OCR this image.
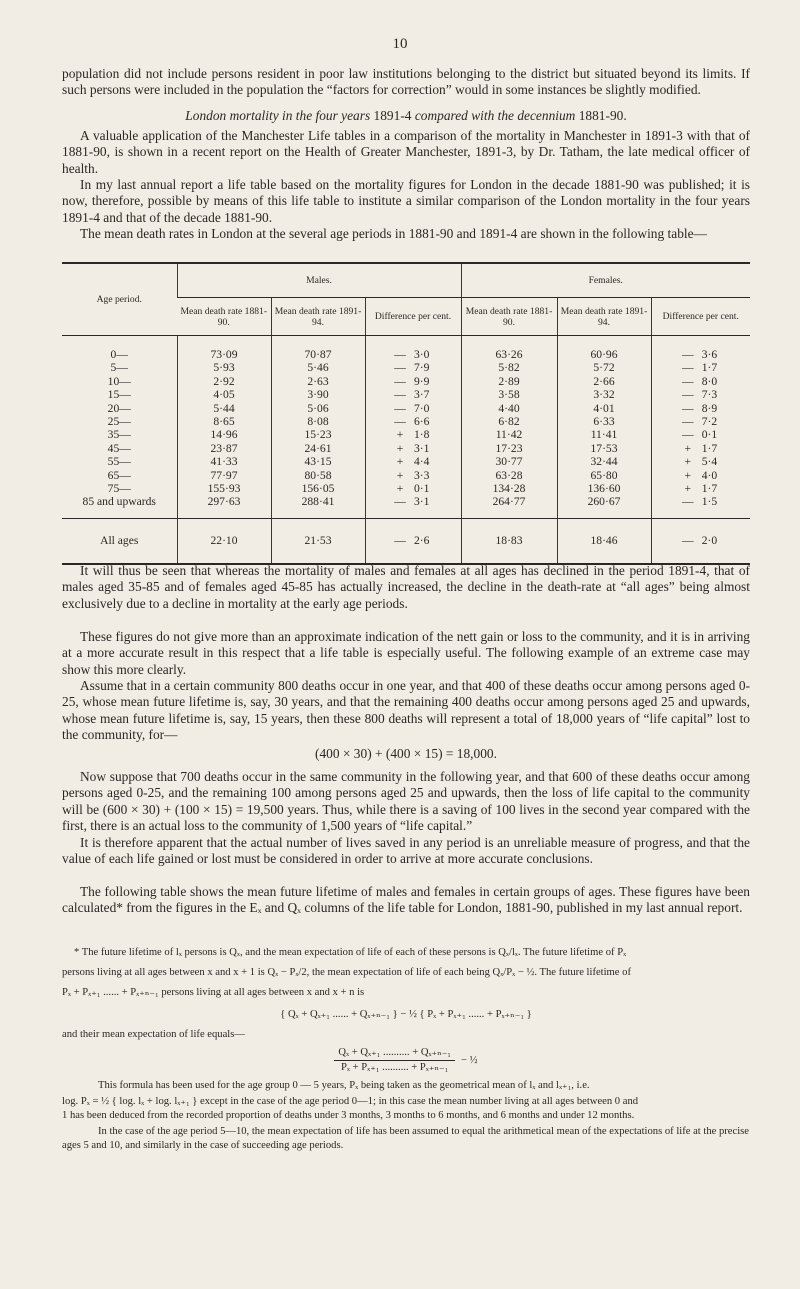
10

population did not include persons resident in poor law institutions belonging to the district but situated beyond its limits. If such persons were included in the population the “factors for correction” would in some instances be slightly modified.

London mortality in the four years 1891-4 compared with the decennium 1881-90.

A valuable application of the Manchester Life tables in a comparison of the mortality in Manchester in 1891-3 with that of 1881-90, is shown in a recent report on the Health of Greater Manchester, 1891-3, by Dr. Tatham, the late medical officer of health.

In my last annual report a life table based on the mortality figures for London in the decade 1881-90 was published; it is now, therefore, possible by means of this life table to institute a similar comparison of the London mortality in the four years 1891-4 and that of the decade 1881-90.

The mean death rates in London at the several age periods in 1881-90 and 1891-4 are shown in the following table—

Age period.	Males.			Females.		
	Mean death rate 1881-90.	Mean death rate 1891-94.	Difference per cent.	Mean death rate 1881-90.	Mean death rate 1891-94.	Difference per cent.
0—	73·09	70·87	— 3·0	63·26	60·96	— 3·6
5—	5·93	5·46	— 7·9	5·82	5·72	— 1·7
10—	2·92	2·63	— 9·9	2·89	2·66	— 8·0
15—	4·05	3·90	— 3·7	3·58	3·32	— 7·3
20—	5·44	5·06	— 7·0	4·40	4·01	— 8·9
25—	8·65	8·08	— 6·6	6·82	6·33	— 7·2
35—	14·96	15·23	+ 1·8	11·42	11·41	— 0·1
45—	23·87	24·61	+ 3·1	17·23	17·53	+ 1·7
55—	41·33	43·15	+ 4·4	30·77	32·44	+ 5·4
65—	77·97	80·58	+ 3·3	63·28	65·80	+ 4·0
75—	155·93	156·05	+ 0·1	134·28	136·60	+ 1·7
85 and upwards	297·63	288·41	— 3·1	264·77	260·67	— 1·5
All ages	22·10	21·53	— 2·6	18·83	18·46	— 2·0

It will thus be seen that whereas the mortality of males and females at all ages has declined in the period 1891-4, that of males aged 35-85 and of females aged 45-85 has actually increased, the decline in the death-rate at “all ages” being almost exclusively due to a decline in mortality at the early age periods.

These figures do not give more than an approximate indication of the nett gain or loss to the community, and it is in arriving at a more accurate result in this respect that a life table is especially useful. The following example of an extreme case may show this more clearly.

Assume that in a certain community 800 deaths occur in one year, and that 400 of these deaths occur among persons aged 0-25, whose mean future lifetime is, say, 30 years, and that the remaining 400 deaths occur among persons aged 25 and upwards, whose mean future lifetime is, say, 15 years, then these 800 deaths will represent a total of 18,000 years of “life capital” lost to the community, for—

(400 × 30) + (400 × 15) = 18,000.

Now suppose that 700 deaths occur in the same community in the following year, and that 600 of these deaths occur among persons aged 0-25, and the remaining 100 among persons aged 25 and upwards, then the loss of life capital to the community will be (600 × 30) + (100 × 15) = 19,500 years. Thus, while there is a saving of 100 lives in the second year compared with the first, there is an actual loss to the community of 1,500 years of “life capital.”

It is therefore apparent that the actual number of lives saved in any period is an unreliable measure of progress, and that the value of each life gained or lost must be considered in order to arrive at more accurate conclusions.

The following table shows the mean future lifetime of males and females in certain groups of ages. These figures have been calculated* from the figures in the Eₓ and Qₓ columns of the life table for London, 1881-90, published in my last annual report.

* The future lifetime of lₓ persons is Qₓ, and the mean expectation of life of each of these persons is Qₓ/lₓ. The future lifetime of Pₓ
persons living at all ages between x and x + 1 is Qₓ − Pₓ/2, the mean expectation of life of each being Qₓ/Pₓ − ½. The future lifetime of
Pₓ + Pₓ₊₁ ...... + Pₓ₊ₙ₋₁ persons living at all ages between x and x + n is
{ Qₓ + Qₓ₊₁ ...... + Qₓ₊ₙ₋₁ } − ½ { Pₓ + Pₓ₊₁ ...... + Pₓ₊ₙ₋₁ }
and their mean expectation of life equals—
$\frac{\text{Qₓ + Qₓ₊₁ .......... + Qₓ₊ₙ₋₁}}{\text{Pₓ + Pₓ₊₁ .......... + Pₓ₊ₙ₋₁}}$ − ½
This formula has been used for the age group 0 — 5 years, Pₓ being taken as the geometrical mean of lₓ and lₓ₊₁, i.e.
log. Pₓ = ½ { log. lₓ + log. lₓ₊₁ } except in the case of the age period 0—1; in this case the mean number living at all ages between 0 and
1 has been deduced from the recorded proportion of deaths under 3 months, 3 months to 6 months, and 6 months and under 12 months.
In the case of the age period 5—10, the mean expectation of life has been assumed to equal the arithmetical mean of the expectations of life at the precise ages 5 and 10, and similarly in the case of succeeding age periods.
